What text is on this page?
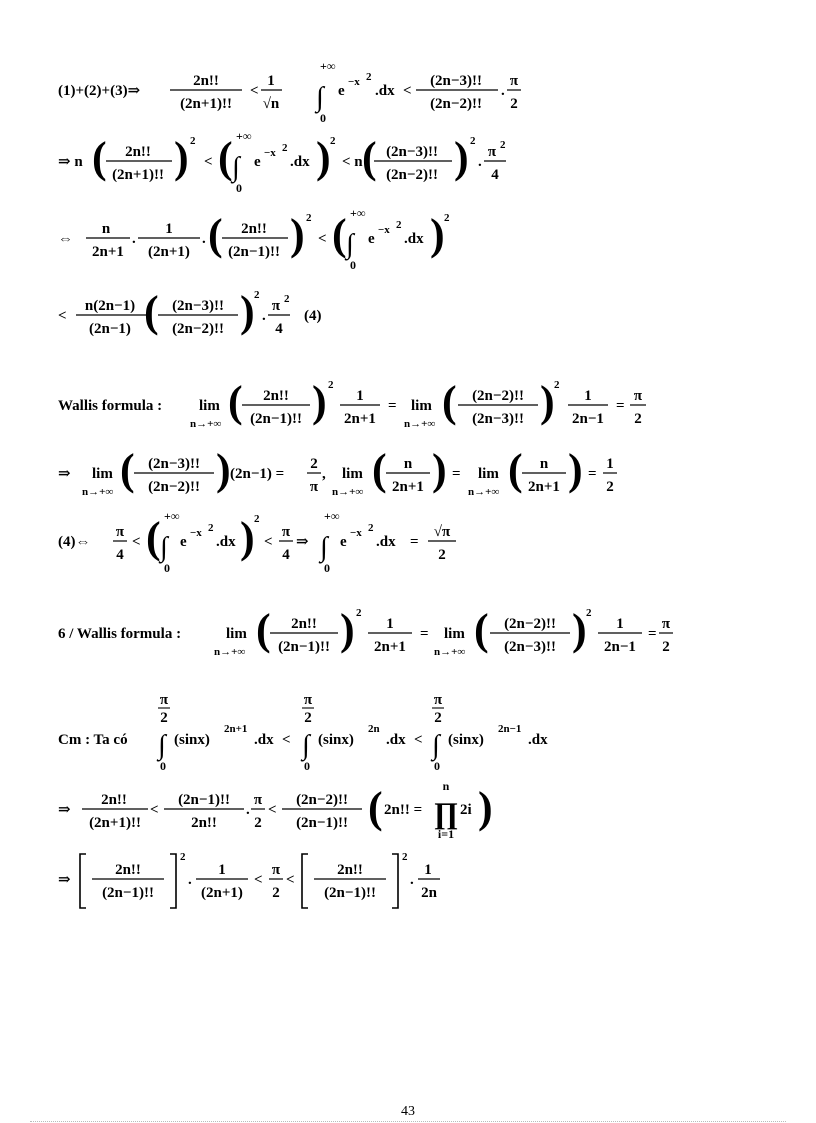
(1)+(2)+(3)⇒
2n!!
(2n+1)!!
<
1
√n
+∞
∫
0
e
−x 2
.dx <
(2n−3)!!
(2n−2)!!
.
π
2
⇒ n ( 2n!!
(2n+1)!! ) 2
< ( +∞
∫
0
e
−x 2
.dx ) 2
< n ( (2n−3)!!
(2n−2)!! ) 2
.
π 2
4
⇔
n
2n+1
.
1
(2n+1)
. ( 2n!!
(2n−1)!! ) 2
< ( +∞
∫
0
e
−x 2
.dx ) 2
<
n(2n−1)
(2n−1) ( (2n−3)!!
(2n−2)!! ) 2
.
π 2
4
(4)
Wallis formula : lim
n→+∞ ( 2n!!
(2n−1)!! ) 2
1
2n+1
= lim
n→+∞ ( (2n−2)!!
(2n−3)!! ) 2
1
2n−1
=
π
2
⇒ lim
n→+∞ ( (2n−3)!!
(2n−2)!! ) (2n−1) =
2
π
, lim
n→+∞ ( n
2n+1 ) = lim
n→+∞ ( n
2n+1 ) =
1
2
(4)⇔
π
4
< ( +∞
∫
0
e
−x 2
.dx ) 2
<
π
4
⇒
+∞
∫
0
e
−x 2
.dx =
√π
2
6 / Wallis formula :	lim
n→+∞ ( 2n!!
(2n−1)!! ) 2
1
2n+1
= lim
n→+∞ ( (2n−2)!!
(2n−3)!! ) 2
1
2n−1
=
π
2
Cm : Ta có
π
2
∫
0
(sinx)
2n+1
.dx <
π
2
∫
0
(sinx)
2n
.dx <
π
2
∫
0
(sinx)
2n−1
.dx
⇒
2n!!
(2n+1)!!
<
(2n−1)!!
2n!!
.
π
2
<
(2n−2)!!
(2n−1)!! ( 2n!! =
n
∏
i=1
2i )
⇒
2n!!
(2n−1)!!
2
.
1
(2n+1)
<
π
2
<
2n!!
(2n−1)!!
2
.
1
2n
43
